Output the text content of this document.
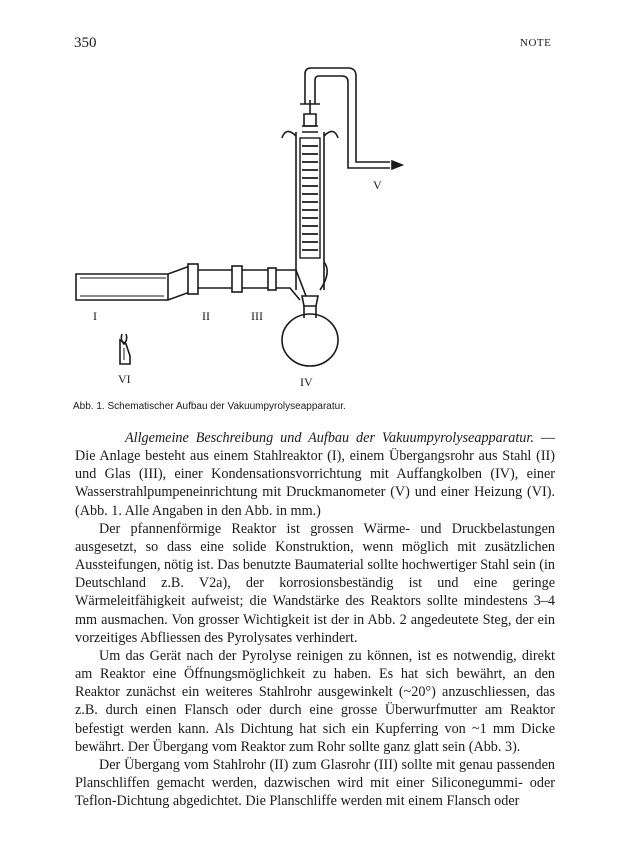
350	NOTE
I	II	III
IV
V
VI
Abb. 1. Schematischer Aufbau der Vakuumpyrolyseapparatur.

Allgemeine Beschreibung und Aufbau der Vakuumpyrolyseapparatur. — Die Anlage besteht aus einem Stahlreaktor (I), einem Übergangsrohr aus Stahl (II) und Glas (III), einer Kondensationsvorrichtung mit Auffangkolben (IV), einer Wasserstrahlpumpeneinrichtung mit Druckmanometer (V) und einer Heizung (VI). (Abb. 1. Alle Angaben in den Abb. in mm.)

Der pfannenförmige Reaktor ist grossen Wärme- und Druckbelastungen ausgesetzt, so dass eine solide Konstruktion, wenn möglich mit zusätzlichen Aussteifungen, nötig ist. Das benutzte Baumaterial sollte hochwertiger Stahl sein (in Deutschland z.B. V2a), der korrosionsbeständig ist und eine geringe Wärmeleitfähigkeit aufweist; die Wandstärke des Reaktors sollte mindestens 3–4 mm ausmachen. Von grosser Wichtigkeit ist der in Abb. 2 angedeutete Steg, der ein vorzeitiges Abfliessen des Pyrolysates verhindert.

Um das Gerät nach der Pyrolyse reinigen zu können, ist es notwendig, direkt am Reaktor eine Öffnungsmöglichkeit zu haben. Es hat sich bewährt, an den Reaktor zunächst ein weiteres Stahlrohr ausgewinkelt (~20°) anzuschliessen, das z.B. durch einen Flansch oder durch eine grosse Überwurfmutter am Reaktor befestigt werden kann. Als Dichtung hat sich ein Kupferring von ~1 mm Dicke bewährt. Der Übergang vom Reaktor zum Rohr sollte ganz glatt sein (Abb. 3).

Der Übergang vom Stahlrohr (II) zum Glasrohr (III) sollte mit genau passenden Planschliffen gemacht werden, dazwischen wird mit einer Siliconegummi- oder Teflon-Dichtung abgedichtet. Die Planschliffe werden mit einem Flansch oder
